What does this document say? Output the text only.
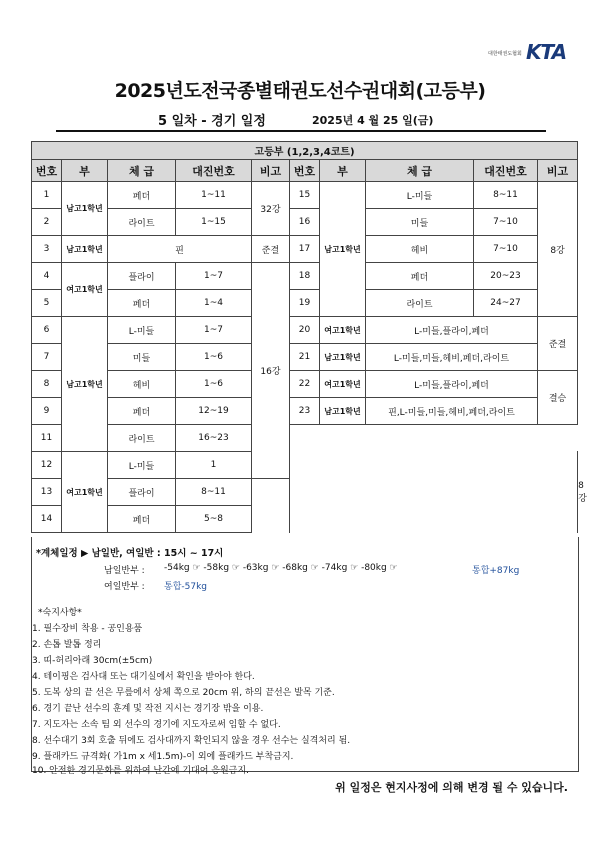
대한태권도협회 KTA
2025년도전국종별태권도선수권대회(고등부)
5 일차 - 경기 일정	2025년 4 월 25 일(금)
고등부 (1,2,3,4코트)										
번호	부	체 급	대진번호	비고	번호	부	체 급	대진번호	비고	
1	남고1학년	페더	1~11	32강	15	남고1학년	L-미들	8~11	8강	
2		라이트	1~15		16		미들	7~10		
3	남고1학년	핀		준결	17		헤비	7~10		
4	여고1학년	플라이	1~7	16강	18		페더	20~23		
5		페더	1~4		19		라이트	24~27		
6	남고1학년	L-미들	1~7		20	여고1학년	L-미들,플라이,페더		준결	
7		미들	1~6		21	남고1학년	L-미들,미들,헤비,페더,라이트			
8		헤비	1~6		22	여고1학년	L-미들,플라이,페더		결승	
9		페더	12~19		23	남고1학년	핀,L-미들,미들,헤비,페더,라이트			
11		라이트	16~23							
12	여고1학년	L-미들	1							8강
13		플라이	8~11							
14		페더	5~8							
*계체일정 ▶ 남일반, 여일반 : 15시 ~ 17시
남일반부 : -54kg ☞ -58kg ☞ -63kg ☞ -68kg ☞ -74kg ☞ -80kg ☞	통합+87kg
여일반부 : 통합-57kg
*숙지사항*
1. 필수장비 착용 - 공인용품
2. 손톱 발톱 정리
3. 띠-허리아래 30cm(±5cm)
4. 테이핑은 검사대 또는 대기실에서 확인을 받아야 한다.
5. 도복 상의 끝 선은 무릎에서 상체 쪽으로 20cm 위, 하의 끝선은 발목 기준.
6. 경기 끝난 선수의 훈계 및 작전 지시는 경기장 밖을 이용.
7. 지도자는 소속 팀 외 선수의 경기에 지도자로써 임할 수 없다.
8. 선수대기 3회 호출 뒤에도 검사대까지 확인되지 않을 경우 선수는 실격처리 됨.
9. 플래카드 규격화( 가1m x 세1.5m)-이 외에 플래카드 부착금지.
10. 안전한 경기문화를 위하여 난간에 기대어 응원금지.
위 일정은 현지사정에 의해 변경 될 수 있습니다.
